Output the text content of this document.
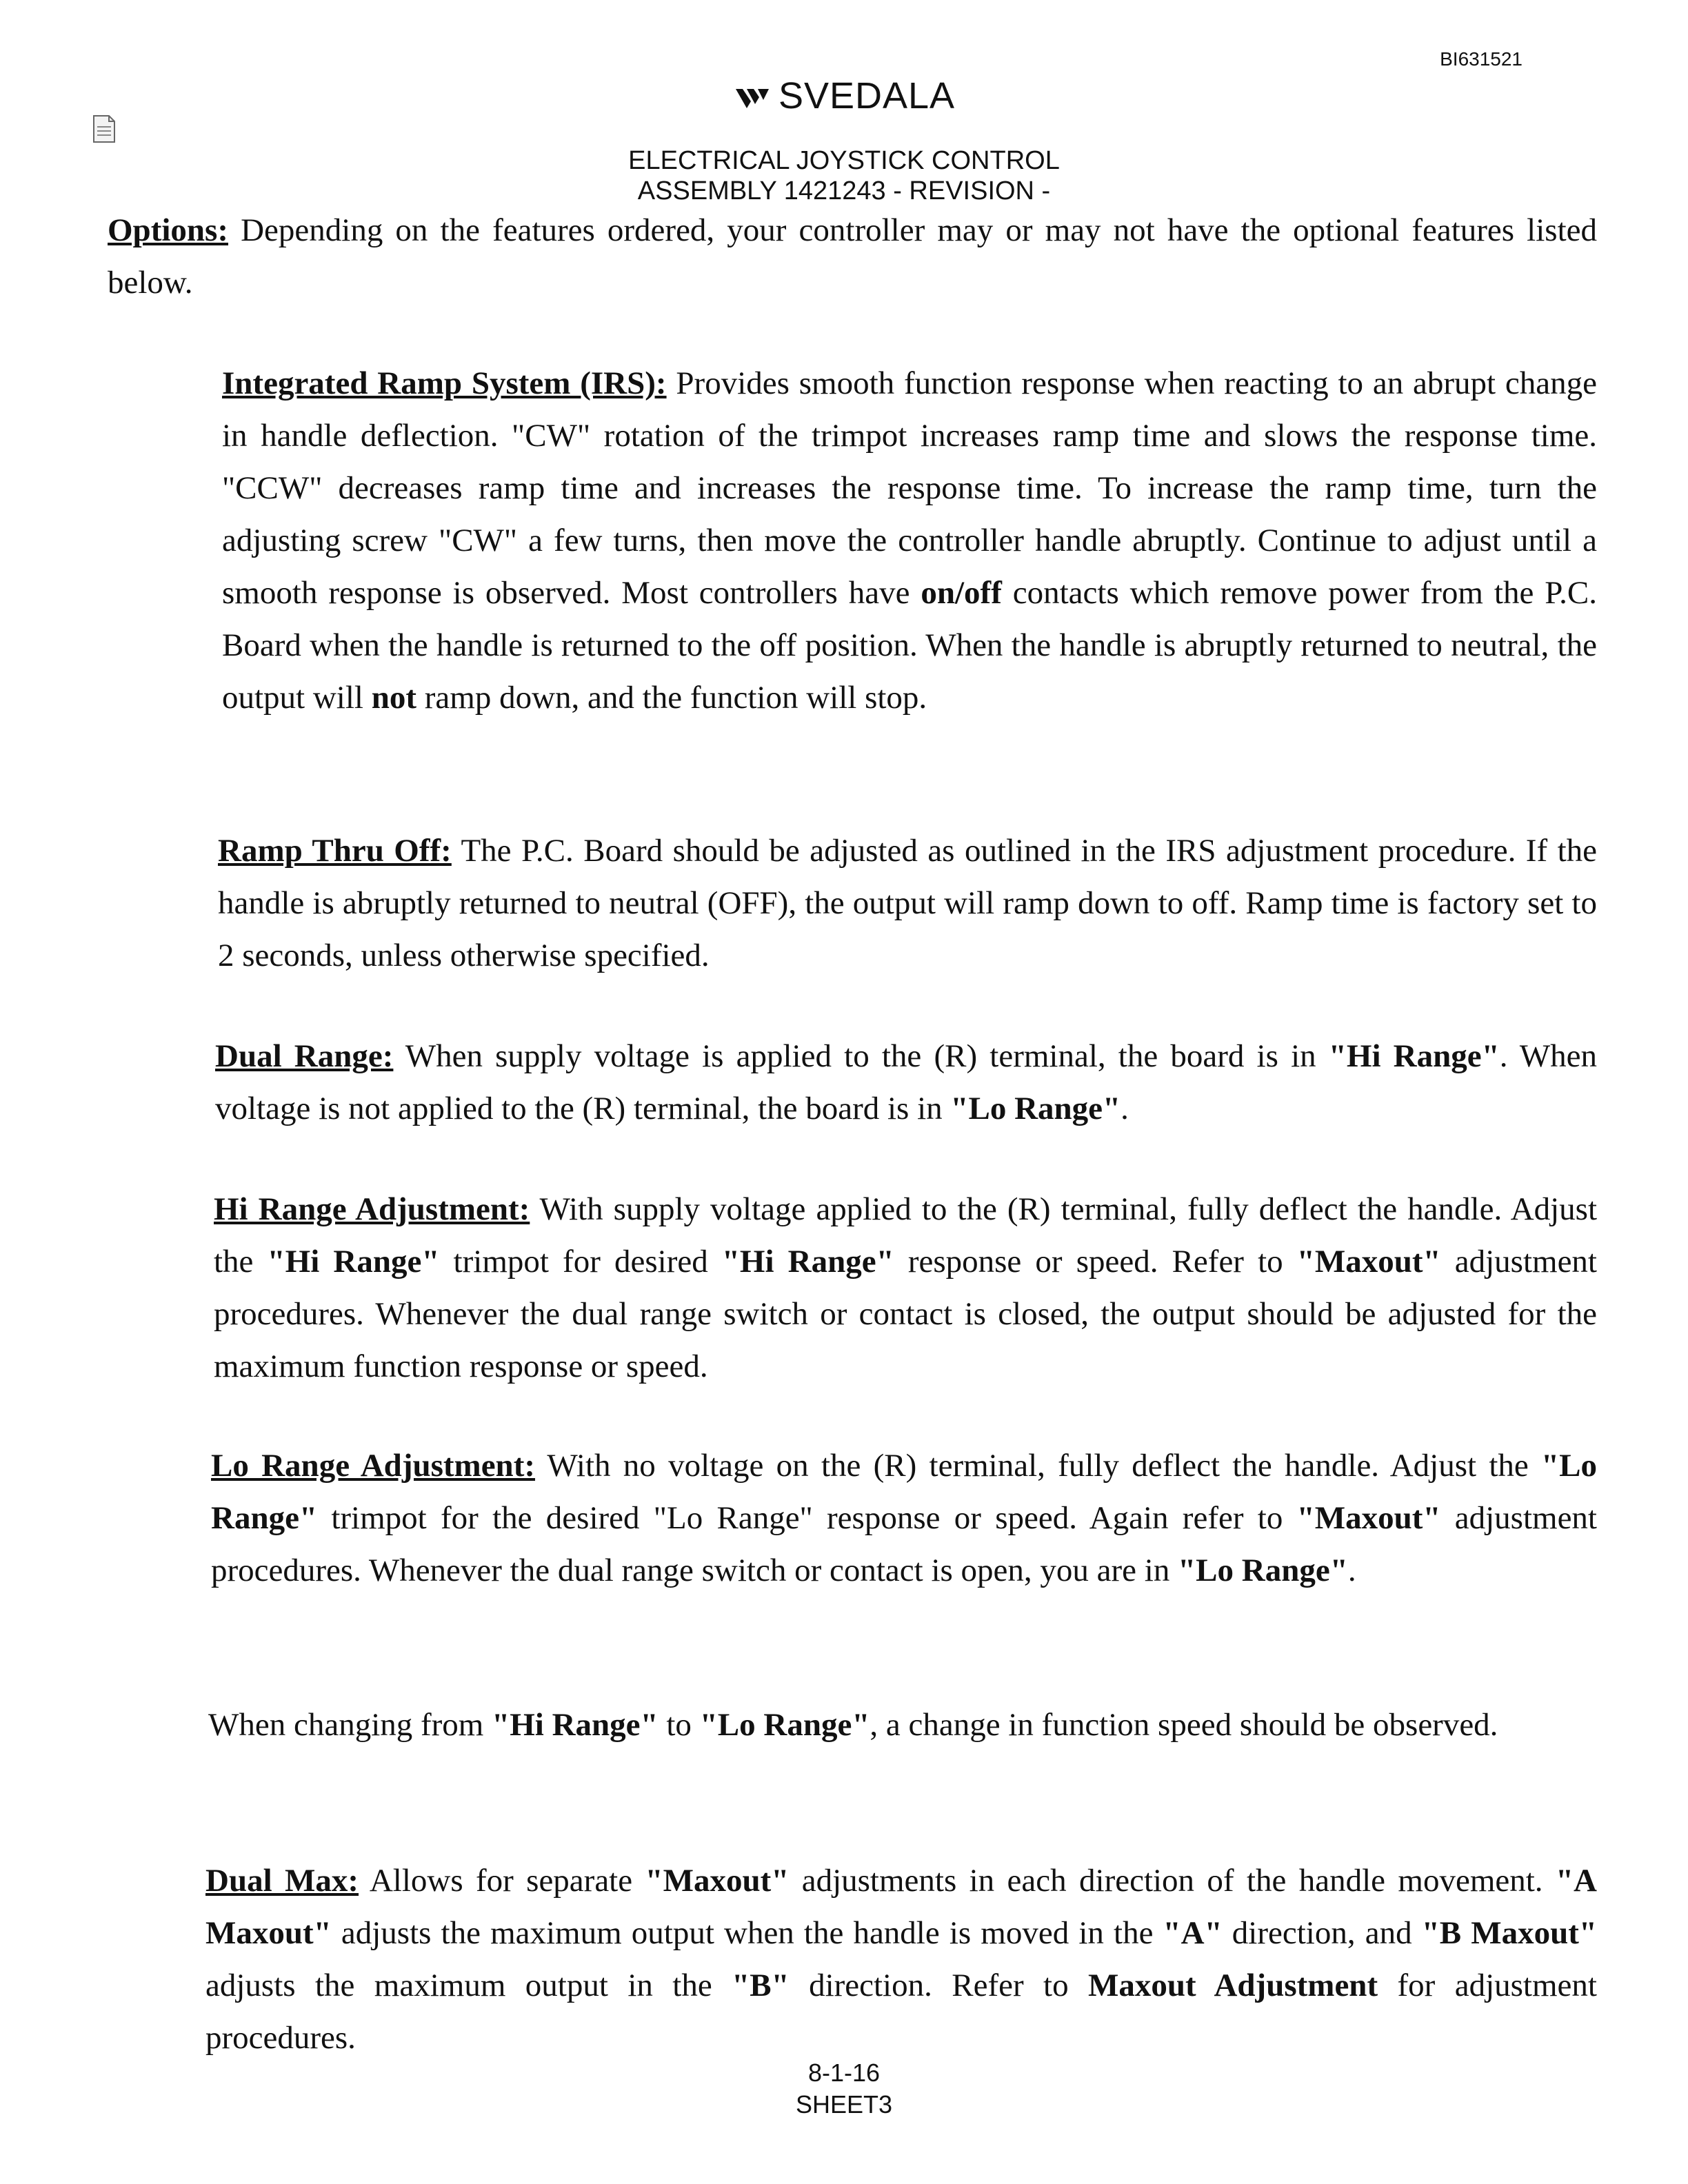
BI631521
SVEDALA
ELECTRICAL JOYSTICK CONTROL
ASSEMBLY 1421243 - REVISION -
Options: Depending on the features ordered, your controller may or may not have the optional features listed below.
Integrated Ramp System (IRS): Provides smooth function response when reacting to an abrupt change in handle deflection. "CW" rotation of the trimpot increases ramp time and slows the response time. "CCW" decreases ramp time and increases the response time. To increase the ramp time, turn the adjusting screw "CW" a few turns, then move the controller handle abruptly. Continue to adjust until a smooth response is observed. Most controllers have on/off contacts which remove power from the P.C. Board when the handle is returned to the off position. When the handle is abruptly returned to neutral, the output will not ramp down, and the function will stop.
Ramp Thru Off: The P.C. Board should be adjusted as outlined in the IRS adjustment procedure. If the handle is abruptly returned to neutral (OFF), the output will ramp down to off. Ramp time is factory set to 2 seconds, unless otherwise specified.
Dual Range: When supply voltage is applied to the (R) terminal, the board is in "Hi Range". When voltage is not applied to the (R) terminal, the board is in "Lo Range".
Hi Range Adjustment: With supply voltage applied to the (R) terminal, fully deflect the handle. Adjust the "Hi Range" trimpot for desired "Hi Range" response or speed. Refer to "Maxout" adjustment procedures. Whenever the dual range switch or contact is closed, the output should be adjusted for the maximum function response or speed.
Lo Range Adjustment: With no voltage on the (R) terminal, fully deflect the handle. Adjust the "Lo Range" trimpot for the desired "Lo Range" response or speed. Again refer to "Maxout" adjustment procedures. Whenever the dual range switch or contact is open, you are in "Lo Range".
When changing from "Hi Range" to "Lo Range", a change in function speed should be observed.
Dual Max: Allows for separate "Maxout" adjustments in each direction of the handle movement. "A Maxout" adjusts the maximum output when the handle is moved in the "A" direction, and "B Maxout" adjusts the maximum output in the "B" direction. Refer to Maxout Adjustment for adjustment procedures.
8-1-16
SHEET3
